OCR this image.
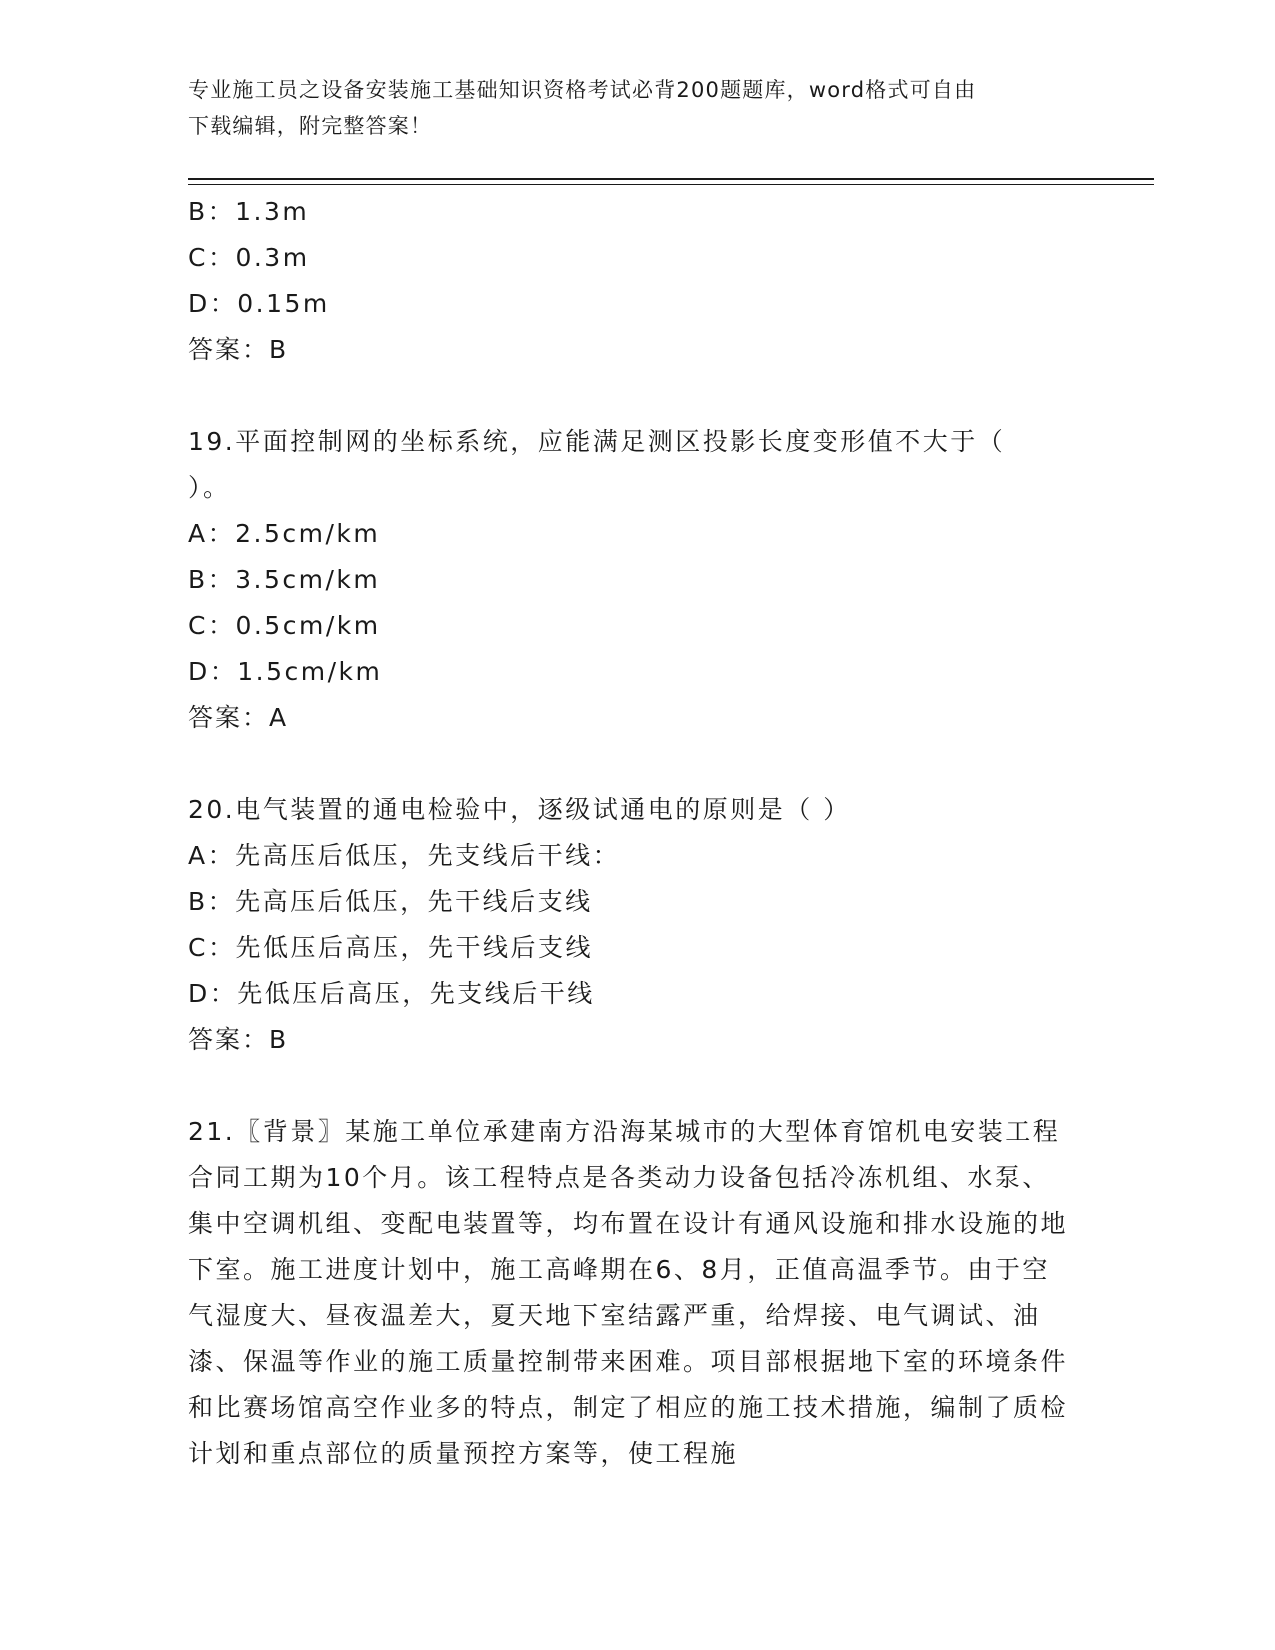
专业施工员之设备安装施工基础知识资格考试必背200题题库，word格式可自由
下载编辑，附完整答案！
B：1.3m
C：0.3m
D：0.15m
答案：B
19.平面控制网的坐标系统，应能满足测区投影长度变形值不大于（
）。
A：2.5cm/km
B：3.5cm/km
C：0.5cm/km
D：1.5cm/km
答案：A
20.电气装置的通电检验中，逐级试通电的原则是（ ）
A：先高压后低压，先支线后干线：
B：先高压后低压，先干线后支线
C：先低压后高压，先干线后支线
D：先低压后高压，先支线后干线
答案：B
21.〖背景〗某施工单位承建南方沿海某城市的大型体育馆机电安装工程合同工期为10个月。该工程特点是各类动力设备包括冷冻机组、水泵、集中空调机组、变配电装置等，均布置在设计有通风设施和排水设施的地下室。施工进度计划中，施工高峰期在6、8月，正值高温季节。由于空气湿度大、昼夜温差大，夏天地下室结露严重，给焊接、电气调试、油漆、保温等作业的施工质量控制带来困难。项目部根据地下室的环境条件和比赛场馆高空作业多的特点，制定了相应的施工技术措施，编制了质检计划和重点部位的质量预控方案等，使工程施
